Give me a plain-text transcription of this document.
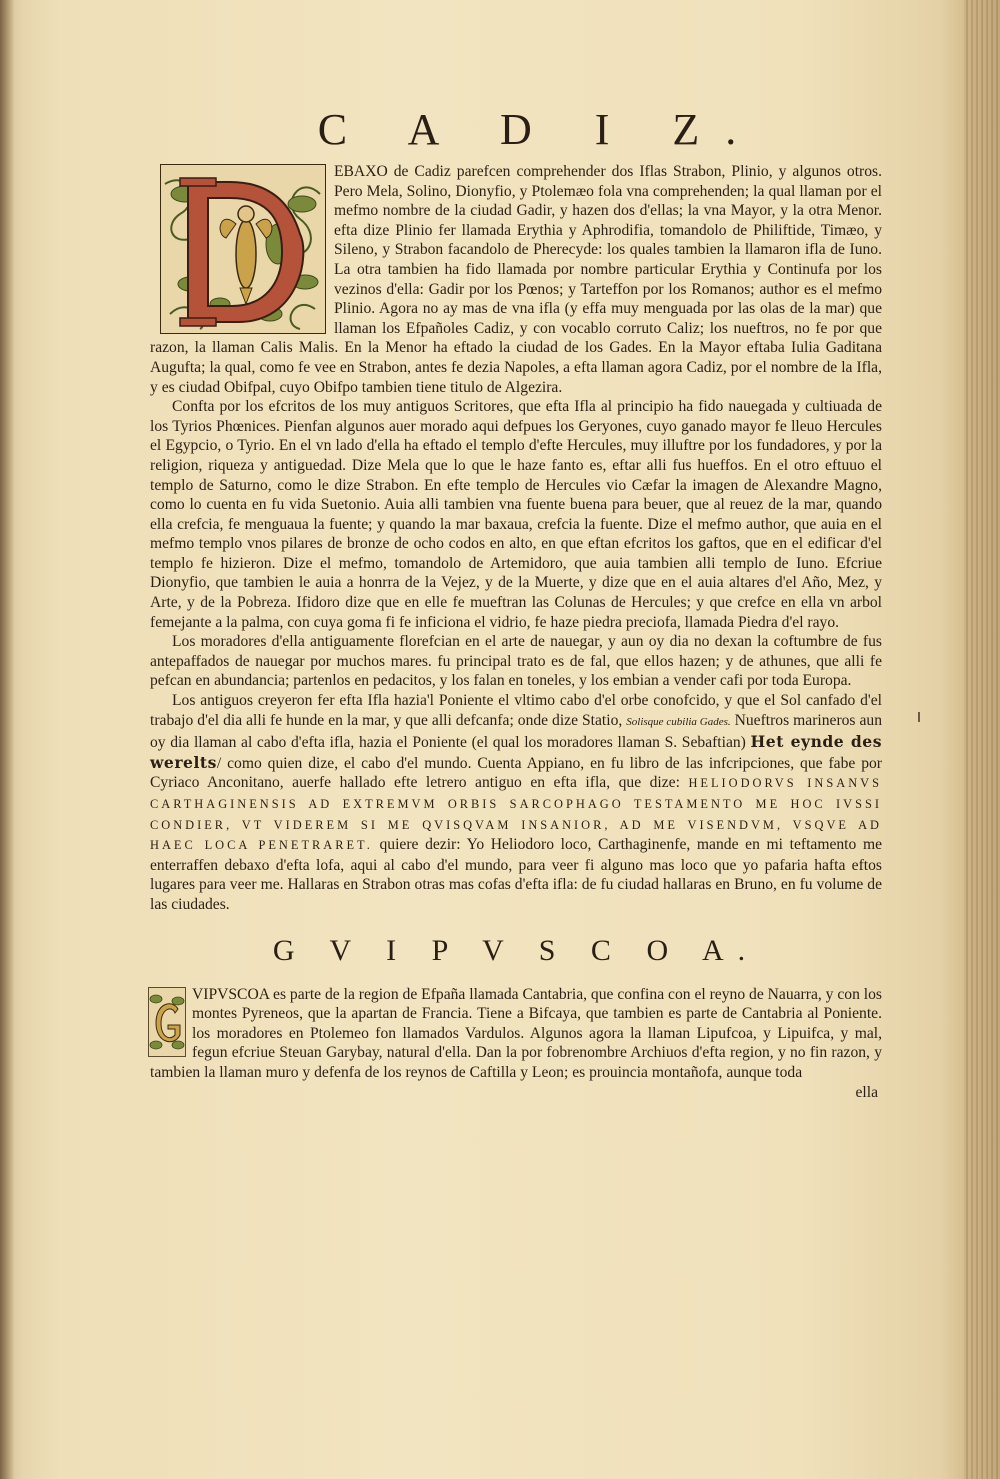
C A D I Z.

EBAXO de Cadiz parefcen comprehender dos Iflas Strabon, Plinio, y algunos otros. Pero Mela, Solino, Dionyfio, y Ptolemæo fola vna comprehenden; la qual llaman por el mefmo nombre de la ciudad Gadir, y hazen dos d'ellas; la vna Mayor, y la otra Menor. efta dize Plinio fer llamada Erythia y Aphrodifia, tomandolo de Philiftide, Timæo, y Sileno, y Strabon facandolo de Pherecyde: los quales tambien la llamaron ifla de Iuno. La otra tambien ha fido llamada por nombre particular Erythia y Continufa por los vezinos d'ella: Gadir por los Pœnos; y Tarteffon por los Romanos; author es el mefmo Plinio. Agora no ay mas de vna ifla (y effa muy menguada por las olas de la mar) que llaman los Efpañoles Cadiz, y con vocablo corruto Caliz; los nueftros, no fe por que razon, la llaman Calis Malis. En la Menor ha eftado la ciudad de los Gades. En la Mayor eftaba Iulia Gaditana Augufta; la qual, como fe vee en Strabon, antes fe dezia Napoles, a efta llaman agora Cadiz, por el nombre de la Ifla, y es ciudad Obifpal, cuyo Obifpo tambien tiene titulo de Algezira.

Confta por los efcritos de los muy antiguos Scritores, que efta Ifla al principio ha fido nauegada y cultiuada de los Tyrios Phœnices. Pienfan algunos auer morado aqui defpues los Geryones, cuyo ganado mayor fe lleuo Hercules el Egypcio, o Tyrio. En el vn lado d'ella ha eftado el templo d'efte Hercules, muy illuftre por los fundadores, y por la religion, riqueza y antiguedad. Dize Mela que lo que le haze fanto es, eftar alli fus hueffos. En el otro eftuuo el templo de Saturno, como le dize Strabon. En efte templo de Hercules vio Cæfar la imagen de Alexandre Magno, como lo cuenta en fu vida Suetonio. Auia alli tambien vna fuente buena para beuer, que al reuez de la mar, quando ella crefcia, fe menguaua la fuente; y quando la mar baxaua, crefcia la fuente. Dize el mefmo author, que auia en el mefmo templo vnos pilares de bronze de ocho codos en alto, en que eftan efcritos los gaftos, que en el edificar d'el templo fe hizieron. Dize el mefmo, tomandolo de Artemidoro, que auia tambien alli templo de Iuno. Efcriue Dionyfio, que tambien le auia a honrra de la Vejez, y de la Muerte, y dize que en el auia altares d'el Año, Mez, y Arte, y de la Pobreza. Ifidoro dize que en elle fe mueftran las Colunas de Hercules; y que crefce en ella vn arbol femejante a la palma, con cuya goma fi fe inficiona el vidrio, fe haze piedra preciofa, llamada Piedra d'el rayo.

Los moradores d'ella antiguamente florefcian en el arte de nauegar, y aun oy dia no dexan la coftumbre de fus antepaffados de nauegar por muchos mares. fu principal trato es de fal, que ellos hazen; y de athunes, que alli fe pefcan en abundancia; partenlos en pedacitos, y los falan en toneles, y los embian a vender cafi por toda Europa.

Los antiguos creyeron fer efta Ifla hazia'l Poniente el vltimo cabo d'el orbe conofcido, y que el Sol canfado d'el trabajo d'el dia alli fe hunde en la mar, y que alli defcanfa; onde dize Statio, Solisque cubilia Gades. Nueftros marineros aun oy dia llaman al cabo d'efta ifla, hazia el Poniente (el qual los moradores llaman S. Sebaftian) Het eynde des werelts/ como quien dize, el cabo d'el mundo. Cuenta Appiano, en fu libro de las infcripciones, que fabe por Cyriaco Anconitano, auerfe hallado efte letrero antiguo en efta ifla, que dize: HELIODORVS INSANVS CARTHAGINENSIS AD EXTREMVM ORBIS SARCOPHAGO TESTAMENTO ME HOC IVSSI CONDIER, VT VIDEREM SI ME QVISQVAM INSANIOR, AD ME VISENDVM, VSQVE AD HAEC LOCA PENETRARET. quiere dezir: Yo Heliodoro loco, Carthaginenfe, mande en mi teftamento me enterraffen debaxo d'efta lofa, aqui al cabo d'el mundo, para veer fi alguno mas loco que yo pafaria hafta eftos lugares para veer me. Hallaras en Strabon otras mas cofas d'efta ifla: de fu ciudad hallaras en Bruno, en fu volume de las ciudades.

G V I P V S C O A.

VIPVSCOA es parte de la region de Efpaña llamada Cantabria, que confina con el reyno de Nauarra, y con los montes Pyreneos, que la apartan de Francia. Tiene a Bifcaya, que tambien es parte de Cantabria al Poniente. los moradores en Ptolemeo fon llamados Vardulos. Algunos agora la llaman Lipufcoa, y Lipuifca, y mal, fegun efcriue Steuan Garybay, natural d'ella. Dan la por fobrenombre Archiuos d'efta region, y no fin razon, y tambien la llaman muro y defenfa de los reynos de Caftilla y Leon; es prouincia montañofa, aunque toda

ella
